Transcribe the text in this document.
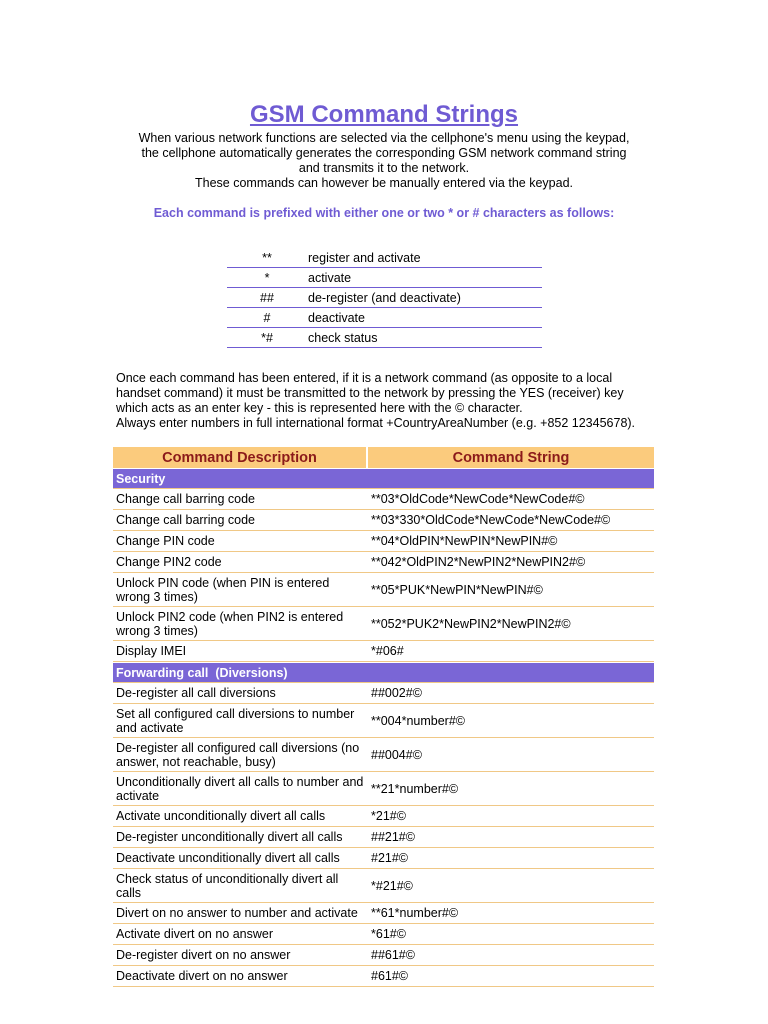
GSM Command Strings
When various network functions are selected via the cellphone's menu using the keypad,
the cellphone automatically generates the corresponding GSM network command string
and transmits it to the network.
These commands can however be manually entered via the keypad.
Each command is prefixed with either one or two * or # characters as follows:
**	register and activate
*	activate
##	de-register (and deactivate)
#	deactivate
*#	check status
Once each command has been entered, if it is a network command (as opposite to a local
handset command) it must be transmitted to the network by pressing the YES (receiver) key
which acts as an enter key - this is represented here with the © character.
Always enter numbers in full international format +CountryAreaNumber (e.g. +852 12345678).
Command Description	Command String
Security	
Change call barring code	**03*OldCode*NewCode*NewCode#©
Change call barring code	**03*330*OldCode*NewCode*NewCode#©
Change PIN code	**04*OldPIN*NewPIN*NewPIN#©
Change PIN2 code	**042*OldPIN2*NewPIN2*NewPIN2#©
Unlock PIN code (when PIN is entered wrong 3 times)	**05*PUK*NewPIN*NewPIN#©
Unlock PIN2 code (when PIN2 is entered wrong 3 times)	**052*PUK2*NewPIN2*NewPIN2#©
Display IMEI	*#06#
Forwarding call  (Diversions)	
De-register all call diversions	##002#©
Set all configured call diversions to number and activate	**004*number#©
De-register all configured call diversions (no answer, not reachable, busy)	##004#©
Unconditionally divert all calls to number and activate	**21*number#©
Activate unconditionally divert all calls	*21#©
De-register unconditionally divert all calls	##21#©
Deactivate unconditionally divert all calls	#21#©
Check status of unconditionally divert all calls	*#21#©
Divert on no answer to number and activate	**61*number#©
Activate divert on no answer	*61#©
De-register divert on no answer	##61#©
Deactivate divert on no answer	#61#©
